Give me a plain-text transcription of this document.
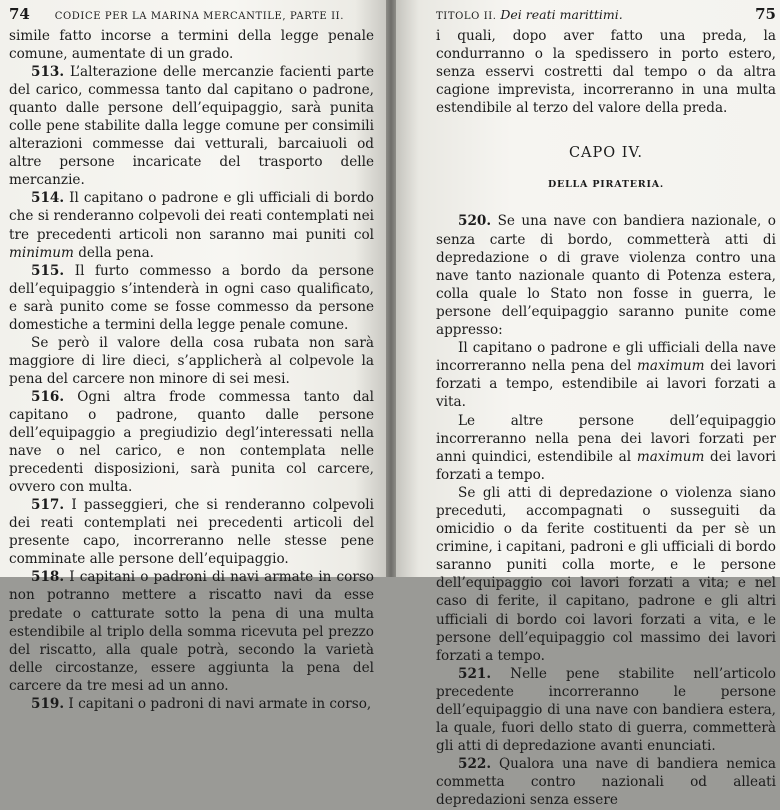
74 CODICE PER LA MARINA MERCANTILE, PARTE II.

simile fatto incorse a termini della legge penale comune, aumentate di un grado.

513. L’alterazione delle mercanzie facienti parte del carico, commessa tanto dal capitano o padrone, quanto dalle persone dell’equipaggio, sarà punita colle pene stabilite dalla legge comune per consimili alterazioni commesse dai vetturali, barcaiuoli od altre persone incaricate del trasporto delle mercanzie.

514. Il capitano o padrone e gli ufficiali di bordo che si renderanno colpevoli dei reati contemplati nei tre precedenti articoli non saranno mai puniti col minimum della pena.

515. Il furto commesso a bordo da persone dell’equipaggio s’intenderà in ogni caso qualificato, e sarà punito come se fosse commesso da persone domestiche a termini della legge penale comune.

Se però il valore della cosa rubata non sarà maggiore di lire dieci, s’applicherà al colpevole la pena del carcere non minore di sei mesi.

516. Ogni altra frode commessa tanto dal capitano o padrone, quanto dalle persone dell’equipaggio a pregiudizio degl’interessati nella nave o nel carico, e non contemplata nelle precedenti disposizioni, sarà punita col carcere, ovvero con multa.

517. I passeggieri, che si renderanno colpevoli dei reati contemplati nei precedenti articoli del presente capo, incorreranno nelle stesse pene comminate alle persone dell’equipaggio.

518. I capitani o padroni di navi armate in corso non potranno mettere a riscatto navi da esse predate o catturate sotto la pena di una multa estendibile al triplo della somma ricevuta pel prezzo del riscatto, alla quale potrà, secondo la varietà delle circostanze, essere aggiunta la pena del carcere da tre mesi ad un anno.

519. I capitani o padroni di navi armate in corso,

TITOLO II. Dei reati marittimi.	75

i quali, dopo aver fatto una preda, la condurranno o la spedissero in porto estero, senza esservi costretti dal tempo o da altra cagione imprevista, incorreranno in una multa estendibile al terzo del valore della preda.

CAPO IV.
DELLA PIRATERIA.

520. Se una nave con bandiera nazionale, o senza carte di bordo, commetterà atti di depredazione o di grave violenza contro una nave tanto nazionale quanto di Potenza estera, colla quale lo Stato non fosse in guerra, le persone dell’equipaggio saranno punite come appresso:

Il capitano o padrone e gli ufficiali della nave incorreranno nella pena del maximum dei lavori forzati a tempo, estendibile ai lavori forzati a vita.

Le altre persone dell’equipaggio incorreranno nella pena dei lavori forzati per anni quindici, estendibile al maximum dei lavori forzati a tempo.

Se gli atti di depredazione o violenza siano preceduti, accompagnati o susseguiti da omicidio o da ferite costituenti da per sè un crimine, i capitani, padroni e gli ufficiali di bordo saranno puniti colla morte, e le persone dell’equipaggio coi lavori forzati a vita; e nel caso di ferite, il capitano, padrone e gli altri ufficiali di bordo coi lavori forzati a vita, e le persone dell’equipaggio col massimo dei lavori forzati a tempo.

521. Nelle pene stabilite nell’articolo precedente incorreranno le persone dell’equipaggio di una nave con bandiera estera, la quale, fuori dello stato di guerra, commetterà gli atti di depredazione avanti enunciati.

522. Qualora una nave di bandiera nemica commetta contro nazionali od alleati depredazioni senza essere
